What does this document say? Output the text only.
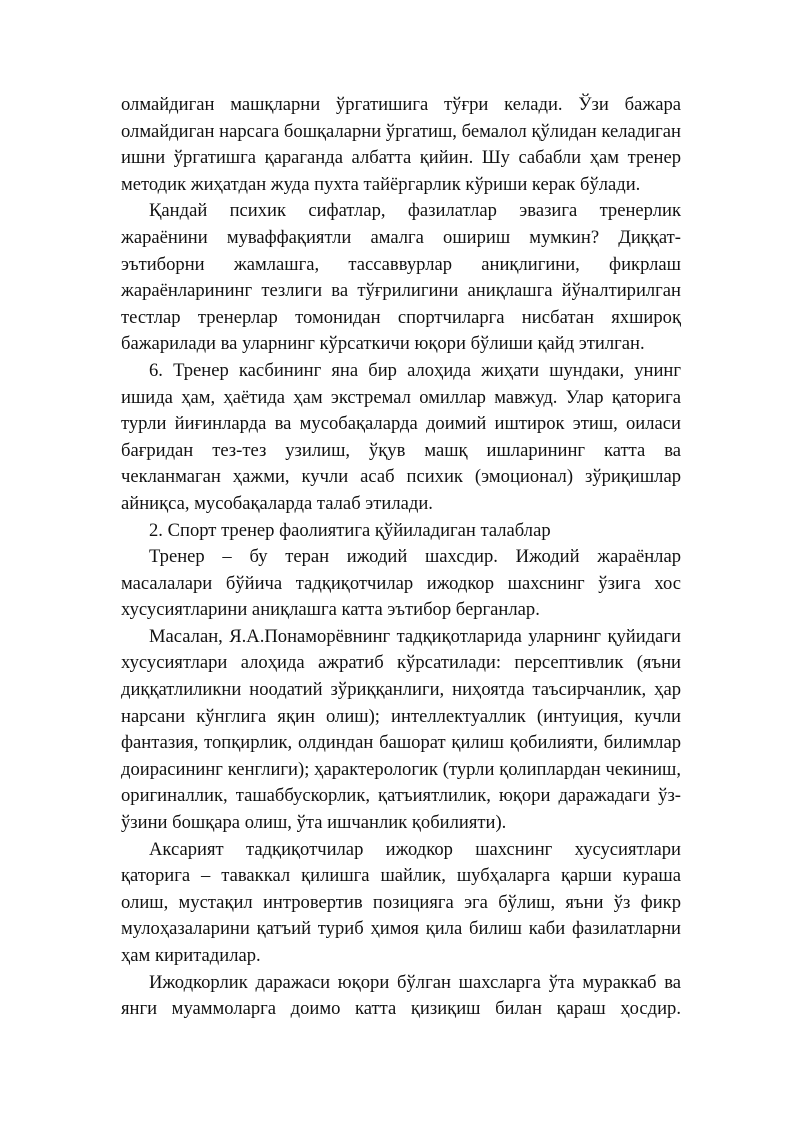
олмайдиган машқларни ўргатишига тўғри келади. Ўзи бажара олмайдиган нарсага бошқаларни ўргатиш, бемалол қўлидан келадиган ишни ўргатишга қараганда албатта қийин. Шу сабабли ҳам тренер методик жиҳатдан жуда пухта тайёргарлик кўриши керак бўлади.

Қандай психик сифатлар, фазилатлар эвазига тренерлик жараёнини муваффақиятли амалга ошириш мумкин? Диққат-эътиборни жамлашга, тассаввурлар аниқлигини, фикрлаш жараёнларининг тезлиги ва тўғрилигини аниқлашга йўналтирилган тестлар тренерлар томонидан спортчиларга нисбатан яхшироқ бажарилади ва уларнинг кўрсаткичи юқори бўлиши қайд этилган.

6. Тренер касбининг яна бир алоҳида жиҳати шундаки, унинг ишида ҳам, ҳаётида ҳам экстремал омиллар мавжуд. Улар қаторига турли йиғинларда ва мусобақаларда доимий иштирок этиш, оиласи бағридан тез-тез узилиш, ўқув машқ ишларининг катта ва чекланмаган ҳажми, кучли асаб психик (эмоционал) зўриқишлар айниқса, мусобақаларда талаб этилади.

2. Спорт тренер фаолиятига қўйиладиган талаблар

Тренер – бу теран ижодий шахсдир. Ижодий жараёнлар масалалари бўйича тадқиқотчилар ижодкор шахснинг ўзига хос хусусиятларини аниқлашга катта эътибор берганлар.

Масалан, Я.А.Понаморёвнинг тадқиқотларида уларнинг қуйидаги хусусиятлари алоҳида ажратиб кўрсатилади: персептивлик (яъни диққатлиликни ноодатий зўриққанлиги, ниҳоятда таъсирчанлик, ҳар нарсани кўнглига яқин олиш); интеллектуаллик (интуиция, кучли фантазия, топқирлик, олдиндан башорат қилиш қобилияти, билимлар доирасининг кенглиги); ҳарактерологик (турли қолиплардан чекиниш, оригиналлик, ташаббускорлик, қатъиятлилик, юқори даражадаги ўз-ўзини бошқара олиш, ўта ишчанлик қобилияти).

Аксарият тадқиқотчилар ижодкор шахснинг хусусиятлари қаторига – таваккал қилишга шайлик, шубҳаларга қарши кураша олиш, мустақил интровертив позицияга эга бўлиш, яъни ўз фикр мулоҳазаларини қатъий туриб ҳимоя қила билиш каби фазилатларни ҳам киритадилар.

Ижодкорлик даражаси юқори бўлган шахсларга ўта мураккаб ва янги муаммоларга доимо катта қизиқиш билан қараш ҳосдир.
